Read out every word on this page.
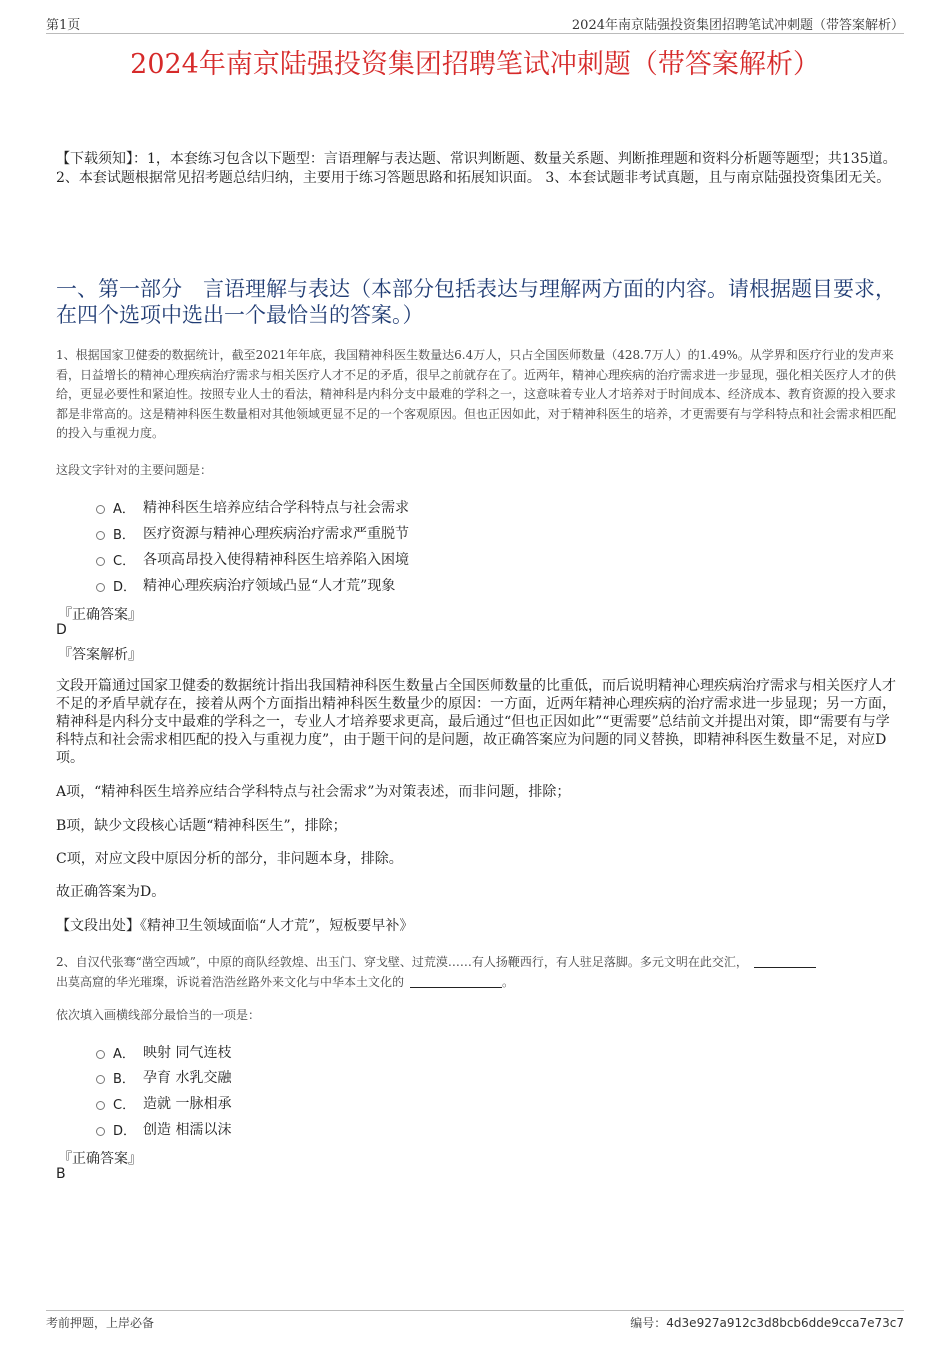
第1页	2024年南京陆强投资集团招聘笔试冲刺题（带答案解析）
2024年南京陆强投资集团招聘笔试冲刺题（带答案解析）
【下载须知】：1，本套练习包含以下题型：言语理解与表达题、常识判断题、数量关系题、判断推理题和资料分析题等题型；共135道。 2、本套试题根据常见招考题总结归纳，主要用于练习答题思路和拓展知识面。 3、本套试题非考试真题，且与南京陆强投资集团无关。
一、第一部分　言语理解与表达（本部分包括表达与理解两方面的内容。请根据题目要求，在四个选项中选出一个最恰当的答案。）
1、根据国家卫健委的数据统计，截至2021年年底，我国精神科医生数量达6.4万人，只占全国医师数量（428.7万人）的1.49%。从学界和医疗行业的发声来看，日益增长的精神心理疾病治疗需求与相关医疗人才不足的矛盾，很早之前就存在了。近两年，精神心理疾病的治疗需求进一步显现，强化相关医疗人才的供给，更显必要性和紧迫性。按照专业人士的看法，精神科是内科分支中最难的学科之一，这意味着专业人才培养对于时间成本、经济成本、教育资源的投入要求都是非常高的。这是精神科医生数量相对其他领域更显不足的一个客观原因。但也正因如此，对于精神科医生的培养，才更需要有与学科特点和社会需求相匹配的投入与重视力度。
这段文字针对的主要问题是：
A． 精神科医生培养应结合学科特点与社会需求
B． 医疗资源与精神心理疾病治疗需求严重脱节
C． 各项高昂投入使得精神科医生培养陷入困境
D． 精神心理疾病治疗领域凸显“人才荒”现象
『正确答案』
D
『答案解析』
文段开篇通过国家卫健委的数据统计指出我国精神科医生数量占全国医师数量的比重低，而后说明精神心理疾病治疗需求与相关医疗人才不足的矛盾早就存在，接着从两个方面指出精神科医生数量少的原因：一方面，近两年精神心理疾病的治疗需求进一步显现；另一方面，精神科是内科分支中最难的学科之一，专业人才培养要求更高，最后通过“但也正因如此”“更需要”总结前文并提出对策，即“需要有与学科特点和社会需求相匹配的投入与重视力度”，由于题干问的是问题，故正确答案应为问题的同义替换，即精神科医生数量不足，对应D项。
A项，“精神科医生培养应结合学科特点与社会需求”为对策表述，而非问题，排除；
B项，缺少文段核心话题“精神科医生”，排除；
C项，对应文段中原因分析的部分，非问题本身，排除。
故正确答案为D。
【文段出处】《精神卫生领域面临“人才荒”，短板要早补》
2、自汉代张骞“凿空西域”，中原的商队经敦煌、出玉门、穿戈壁、过荒漠……有人扬鞭西行，有人驻足落脚。多元文明在此交汇，
出莫高窟的华光璀璨，诉说着浩浩丝路外来文化与中华本土文化的	。
依次填入画横线部分最恰当的一项是：
A． 映射 同气连枝
B． 孕育 水乳交融
C． 造就 一脉相承
D． 创造 相濡以沫
『正确答案』
B
考前押题，上岸必备	编号：4d3e927a912c3d8bcb6dde9cca7e73c7
